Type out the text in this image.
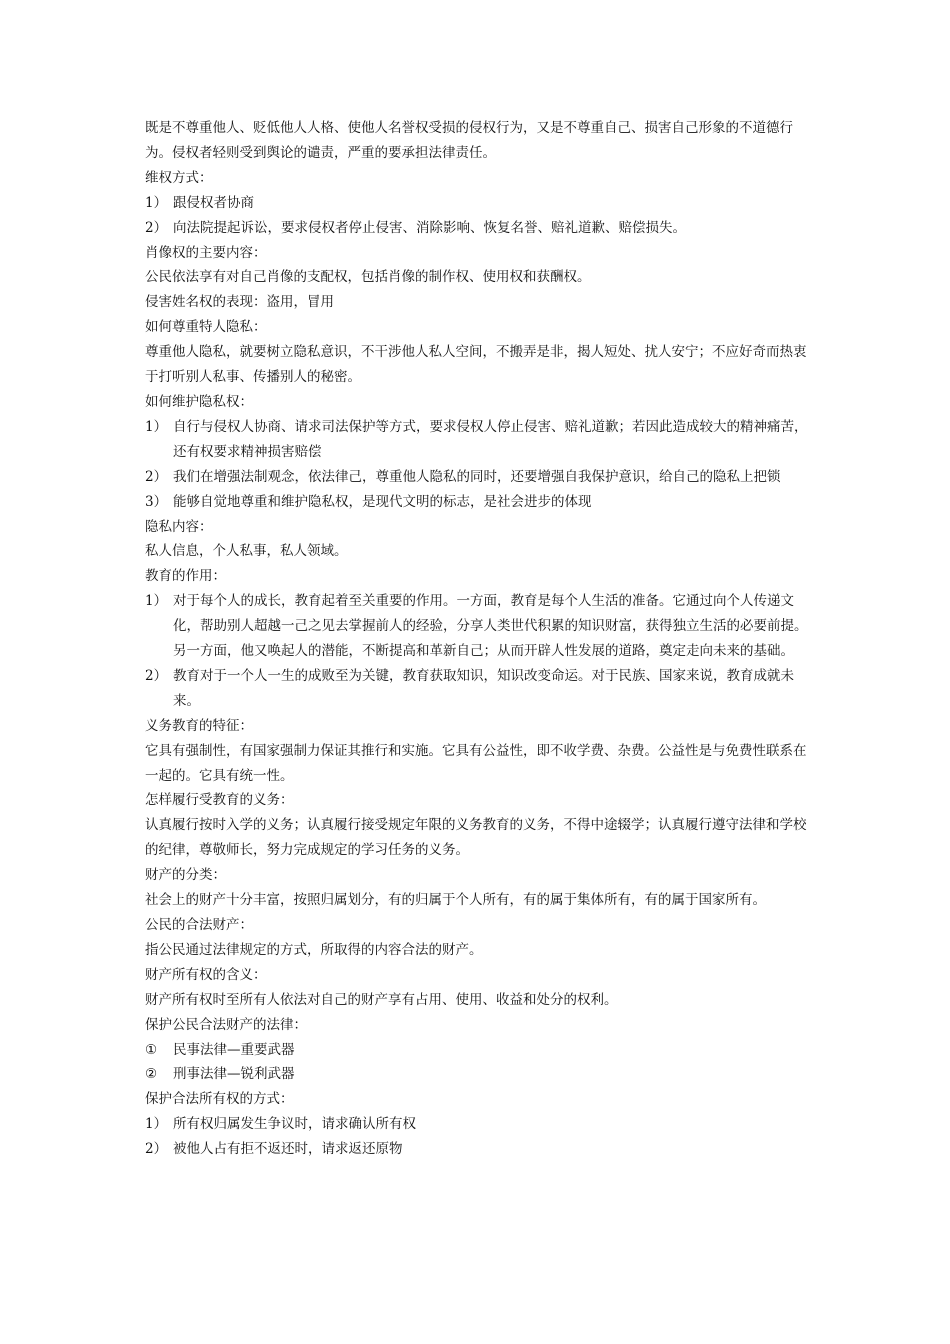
既是不尊重他人、贬低他人人格、使他人名誉权受损的侵权行为，又是不尊重自己、损害自己形象的不道德行为。侵权者轻则受到舆论的谴责，严重的要承担法律责任。

维权方式：

1） 跟侵权者协商
2） 向法院提起诉讼，要求侵权者停止侵害、消除影响、恢复名誉、赔礼道歉、赔偿损失。

肖像权的主要内容：

公民依法享有对自己肖像的支配权，包括肖像的制作权、使用权和获酬权。

侵害姓名权的表现：盗用，冒用

如何尊重特人隐私：

尊重他人隐私，就要树立隐私意识，不干涉他人私人空间，不搬弄是非，揭人短处、扰人安宁；不应好奇而热衷于打听别人私事、传播别人的秘密。

如何维护隐私权：

1） 自行与侵权人协商、请求司法保护等方式，要求侵权人停止侵害、赔礼道歉；若因此造成较大的精神痛苦，还有权要求精神损害赔偿
2） 我们在增强法制观念，依法律己，尊重他人隐私的同时，还要增强自我保护意识，给自己的隐私上把锁
3） 能够自觉地尊重和维护隐私权，是现代文明的标志，是社会进步的体现

隐私内容：

私人信息，个人私事，私人领域。

教育的作用：

1） 对于每个人的成长，教育起着至关重要的作用。一方面，教育是每个人生活的准备。它通过向个人传递文化，帮助别人超越一己之见去掌握前人的经验，分享人类世代积累的知识财富，获得独立生活的必要前提。另一方面，他又唤起人的潜能，不断提高和革新自己；从而开辟人性发展的道路，奠定走向未来的基础。
2） 教育对于一个人一生的成败至为关键，教育获取知识，知识改变命运。对于民族、国家来说，教育成就未来。

义务教育的特征：

它具有强制性，有国家强制力保证其推行和实施。它具有公益性，即不收学费、杂费。公益性是与免费性联系在一起的。它具有统一性。

怎样履行受教育的义务：

认真履行按时入学的义务；认真履行接受规定年限的义务教育的义务，不得中途辍学；认真履行遵守法律和学校的纪律，尊敬师长，努力完成规定的学习任务的义务。

财产的分类：

社会上的财产十分丰富，按照归属划分，有的归属于个人所有，有的属于集体所有，有的属于国家所有。

公民的合法财产：

指公民通过法律规定的方式，所取得的内容合法的财产。

财产所有权的含义：

财产所有权时至所有人依法对自己的财产享有占用、使用、收益和处分的权利。

保护公民合法财产的法律：

① 民事法律—重要武器
② 刑事法律—锐利武器

保护合法所有权的方式：

1） 所有权归属发生争议时，请求确认所有权
2） 被他人占有拒不返还时，请求返还原物
